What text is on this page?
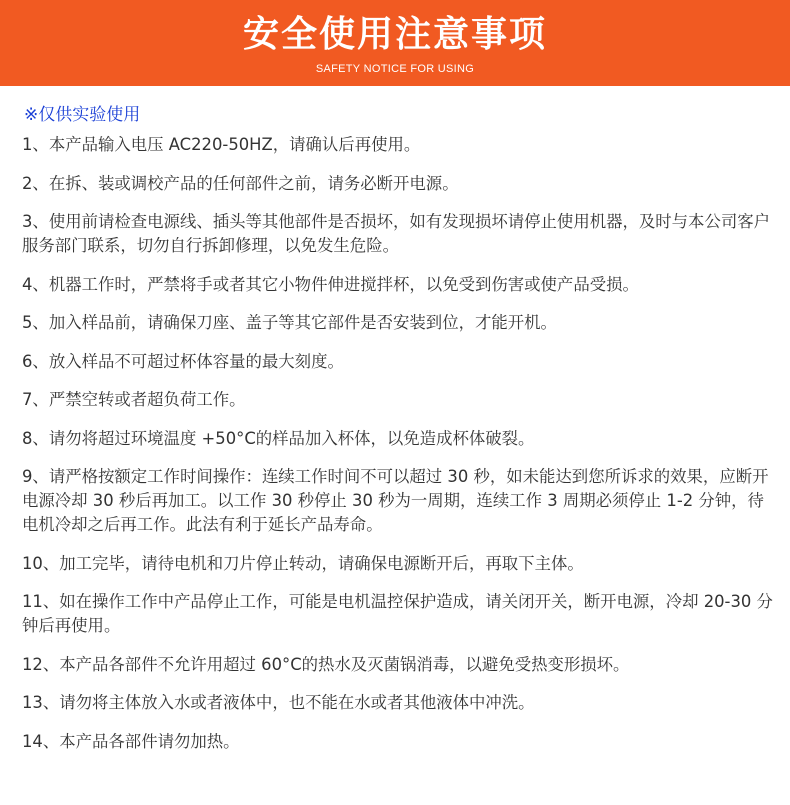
安全使用注意事项
SAFETY NOTICE FOR USING
※仅供实验使用
1、本产品输入电压 AC220-50HZ，请确认后再使用。
2、在拆、装或调校产品的任何部件之前，请务必断开电源。
3、使用前请检查电源线、插头等其他部件是否损坏，如有发现损坏请停止使用机器，及时与本公司客户服务部门联系，切勿自行拆卸修理，以免发生危险。
4、机器工作时，严禁将手或者其它小物件伸进搅拌杯，以免受到伤害或使产品受损。
5、加入样品前，请确保刀座、盖子等其它部件是否安装到位，才能开机。
6、放入样品不可超过杯体容量的最大刻度。
7、严禁空转或者超负荷工作。
8、请勿将超过环境温度 +50°C的样品加入杯体，以免造成杯体破裂。
9、请严格按额定工作时间操作：连续工作时间不可以超过 30 秒，如未能达到您所诉求的效果，应断开电源冷却 30 秒后再加工。以工作 30 秒停止 30 秒为一周期，连续工作 3 周期必须停止 1-2 分钟，待电机冷却之后再工作。此法有利于延长产品寿命。
10、加工完毕，请待电机和刀片停止转动，请确保电源断开后，再取下主体。
11、如在操作工作中产品停止工作，可能是电机温控保护造成，请关闭开关，断开电源，冷却 20-30 分钟后再使用。
12、本产品各部件不允许用超过 60°C的热水及灭菌锅消毒，以避免受热变形损坏。
13、请勿将主体放入水或者液体中，也不能在水或者其他液体中冲洗。
14、本产品各部件请勿加热。
